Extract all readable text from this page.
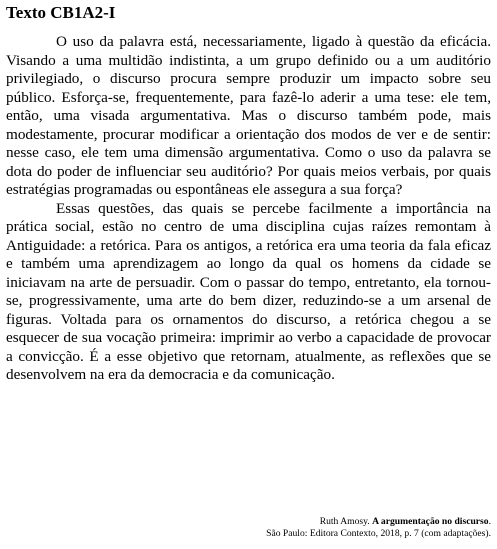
Texto CB1A2-I

O uso da palavra está, necessariamente, ligado à questão da eficácia. Visando a uma multidão indistinta, a um grupo definido ou a um auditório privilegiado, o discurso procura sempre produzir um impacto sobre seu público. Esforça-se, frequentemente, para fazê-lo aderir a uma tese: ele tem, então, uma visada argumentativa. Mas o discurso também pode, mais modestamente, procurar modificar a orientação dos modos de ver e de sentir: nesse caso, ele tem uma dimensão argumentativa. Como o uso da palavra se dota do poder de influenciar seu auditório? Por quais meios verbais, por quais estratégias programadas ou espontâneas ele assegura a sua força?

Essas questões, das quais se percebe facilmente a importância na prática social, estão no centro de uma disciplina cujas raízes remontam à Antiguidade: a retórica. Para os antigos, a retórica era uma teoria da fala eficaz e também uma aprendizagem ao longo da qual os homens da cidade se iniciavam na arte de persuadir. Com o passar do tempo, entretanto, ela tornou-se, progressivamente, uma arte do bem dizer, reduzindo-se a um arsenal de figuras. Voltada para os ornamentos do discurso, a retórica chegou a se esquecer de sua vocação primeira: imprimir ao verbo a capacidade de provocar a convicção. É a esse objetivo que retornam, atualmente, as reflexões que se desenvolvem na era da democracia e da comunicação.

Ruth Amosy. A argumentação no discurso.
São Paulo: Editora Contexto, 2018, p. 7 (com adaptações).
